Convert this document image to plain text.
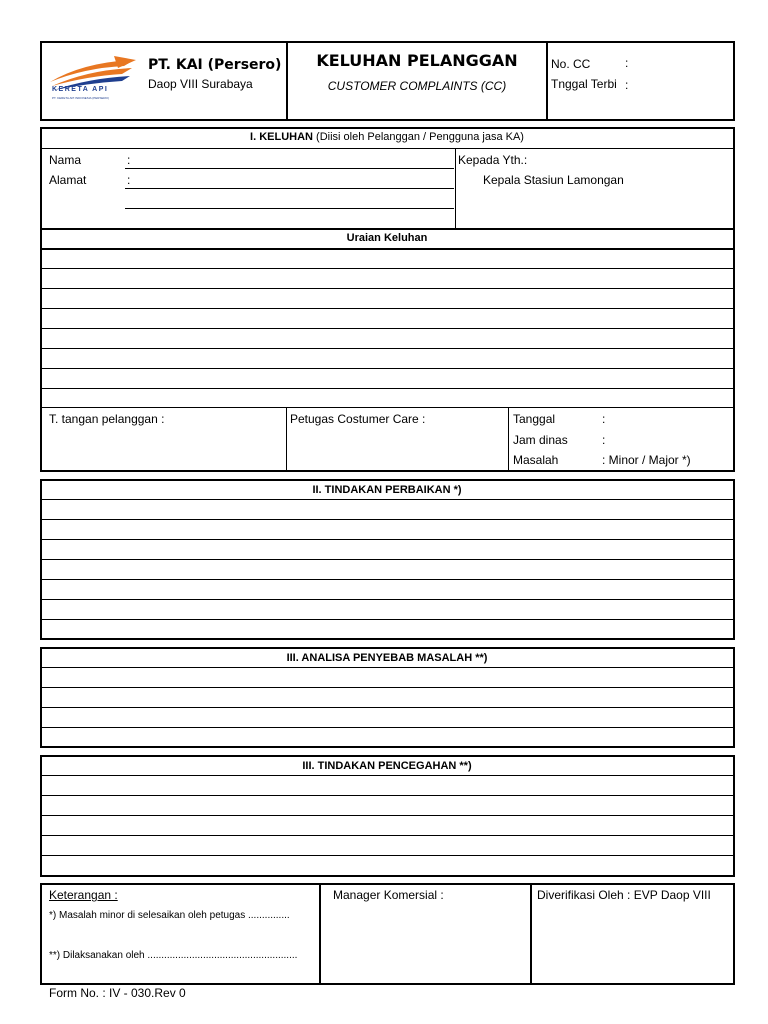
KERETA API
PT. KERETA API INDONESIA (PERSERO)
PT. KAI (Persero)
Daop VIII Surabaya
KELUHAN PELANGGAN
CUSTOMER COMPLAINTS (CC)
No. CC	:
Tnggal Terbi :
I. KELUHAN (Diisi oleh Pelanggan / Pengguna jasa KA)
Nama	:
Alamat	:
Kepada Yth.:
Kepala Stasiun Lamongan
Uraian Keluhan
T. tangan pelanggan :	Petugas Costumer Care :	Tanggal	:
Jam dinas	:
Masalah	: Minor / Major *)
II. TINDAKAN PERBAIKAN *)
III. ANALISA PENYEBAB MASALAH **)
III. TINDAKAN PENCEGAHAN **)
Keterangan :
*) Masalah minor di selesaikan oleh petugas ...............
**) Dilaksanakan oleh ......................................................
Manager Komersial :	Diverifikasi Oleh : EVP Daop VIII
Form No. : IV - 030.Rev 0
